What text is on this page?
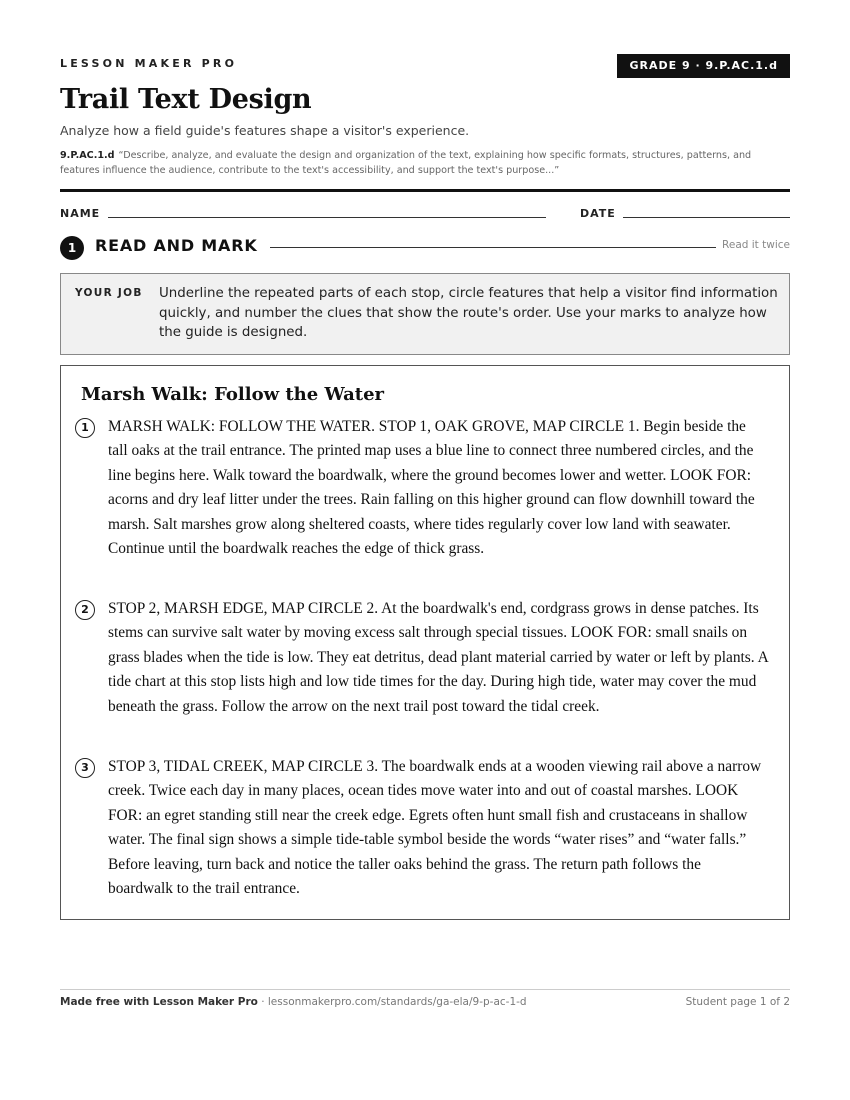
LESSON MAKER PRO	GRADE 9 · 9.P.AC.1.d
Trail Text Design
Analyze how a field guide's features shape a visitor's experience.
9.P.AC.1.d “Describe, analyze, and evaluate the design and organization of the text, explaining how specific formats, structures, patterns, and features influence the audience, contribute to the text's accessibility, and support the text's purpose...”
NAME	DATE
1	READ AND MARK	Read it twice
YOUR JOB Underline the repeated parts of each stop, circle features that help a visitor find information quickly, and number the clues that show the route's order. Use your marks to analyze how the guide is designed.
Marsh Walk: Follow the Water
1	MARSH WALK: FOLLOW THE WATER. STOP 1, OAK GROVE, MAP CIRCLE 1. Begin beside the tall oaks at the trail entrance. The printed map uses a blue line to connect three numbered circles, and the line begins here. Walk toward the boardwalk, where the ground becomes lower and wetter. LOOK FOR: acorns and dry leaf litter under the trees. Rain falling on this higher ground can flow downhill toward the marsh. Salt marshes grow along sheltered coasts, where tides regularly cover low land with seawater. Continue until the boardwalk reaches the edge of thick grass.
2	STOP 2, MARSH EDGE, MAP CIRCLE 2. At the boardwalk's end, cordgrass grows in dense patches. Its stems can survive salt water by moving excess salt through special tissues. LOOK FOR: small snails on grass blades when the tide is low. They eat detritus, dead plant material carried by water or left by plants. A tide chart at this stop lists high and low tide times for the day. During high tide, water may cover the mud beneath the grass. Follow the arrow on the next trail post toward the tidal creek.
3	STOP 3, TIDAL CREEK, MAP CIRCLE 3. The boardwalk ends at a wooden viewing rail above a narrow creek. Twice each day in many places, ocean tides move water into and out of coastal marshes. LOOK FOR: an egret standing still near the creek edge. Egrets often hunt small fish and crustaceans in shallow water. The final sign shows a simple tide-table symbol beside the words “water rises” and “water falls.” Before leaving, turn back and notice the taller oaks behind the grass. The return path follows the boardwalk to the trail entrance.
Made free with Lesson Maker Pro · lessonmakerpro.com/standards/ga-ela/9-p-ac-1-d	Student page 1 of 2
